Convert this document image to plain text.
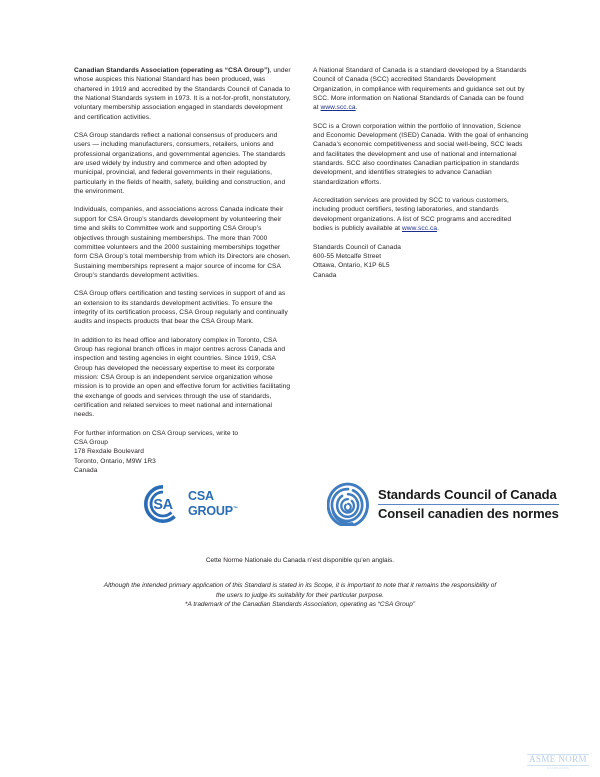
Canadian Standards Association (operating as “CSA Group”), under whose auspices this National Standard has been produced, was chartered in 1919 and accredited by the Standards Council of Canada to the National Standards system in 1973. It is a not-for-profit, nonstatutory, voluntary membership association engaged in standards development and certification activities.

CSA Group standards reflect a national consensus of producers and users — including manufacturers, consumers, retailers, unions and professional organizations, and governmental agencies. The standards are used widely by industry and commerce and often adopted by municipal, provincial, and federal governments in their regulations, particularly in the fields of health, safety, building and construction, and the environment.

Individuals, companies, and associations across Canada indicate their support for CSA Group’s standards development by volunteering their time and skills to Committee work and supporting CSA Group’s objectives through sustaining memberships. The more than 7000 committee volunteers and the 2000 sustaining memberships together form CSA Group’s total membership from which its Directors are chosen. Sustaining memberships represent a major source of income for CSA Group’s standards development activities.

CSA Group offers certification and testing services in support of and as an extension to its standards development activities. To ensure the integrity of its certification process, CSA Group regularly and continually audits and inspects products that bear the CSA Group Mark.

In addition to its head office and laboratory complex in Toronto, CSA Group has regional branch offices in major centres across Canada and inspection and testing agencies in eight countries. Since 1919, CSA Group has developed the necessary expertise to meet its corporate mission: CSA Group is an independent service organization whose mission is to provide an open and effective forum for activities facilitating the exchange of goods and services through the use of standards, certification and related services to meet national and international needs.

For further information on CSA Group services, write to

CSA Group

178 Rexdale Boulevard

Toronto, Ontario, M9W 1R3

Canada

A National Standard of Canada is a standard developed by a Standards Council of Canada (SCC) accredited Standards Development Organization, in compliance with requirements and guidance set out by SCC. More information on National Standards of Canada can be found at www.scc.ca.

SCC is a Crown corporation within the portfolio of Innovation, Science and Economic Development (ISED) Canada. With the goal of enhancing Canada’s economic competitiveness and social well-being, SCC leads and facilitates the development and use of national and international standards. SCC also coordinates Canadian participation in standards development, and identifies strategies to advance Canadian standardization efforts.

Accreditation services are provided by SCC to various customers, including product certifiers, testing laboratories, and standards development organizations. A list of SCC programs and accredited bodies is publicly available at www.scc.ca.

Standards Council of Canada

600-55 Metcalfe Street

Ottawa, Ontario, K1P 6L5

Canada

SA
CSA
GROUP™
Standards Council of Canada
Conseil canadien des normes
Cette Norme Nationale du Canada n’est disponible qu’en anglais.
Although the intended primary application of this Standard is stated in its Scope, it is important to note that it remains the responsibility of
the users to judge its suitability for their particular purpose.
*A trademark of the Canadian Standards Association, operating as “CSA Group”
ASME NORM
STANDARDS
